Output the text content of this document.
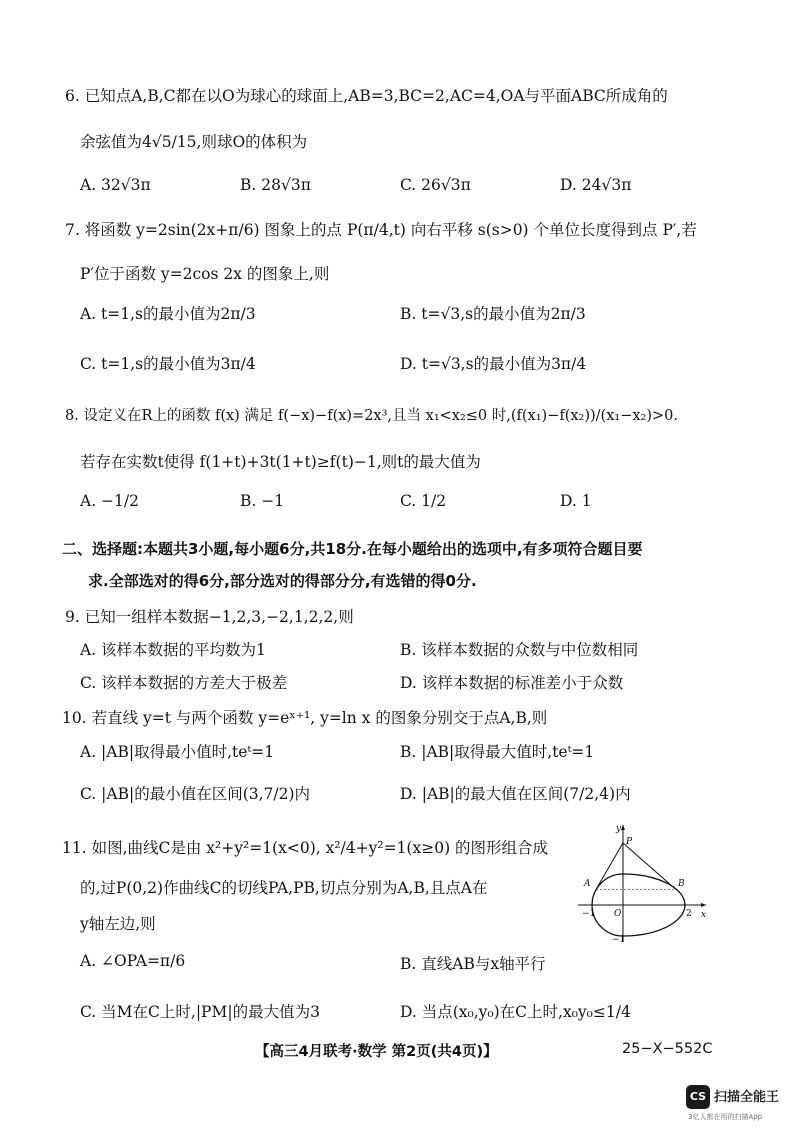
6. 已知点A,B,C都在以O为球心的球面上,AB=3,BC=2,AC=4,OA与平面ABC所成角的
余弦值为4√5/15,则球O的体积为
A. 32√3π	B. 28√3π	C. 26√3π	D. 24√3π
7. 将函数 y=2sin(2x+π/6) 图象上的点 P(π/4,t) 向右平移 s(s>0) 个单位长度得到点 P′,若
P′位于函数 y=2cos 2x 的图象上,则
A. t=1,s的最小值为2π/3	B. t=√3,s的最小值为2π/3
C. t=1,s的最小值为3π/4	D. t=√3,s的最小值为3π/4
8. 设定义在R上的函数 f(x) 满足 f(−x)−f(x)=2x³,且当 x₁<x₂≤0 时,(f(x₁)−f(x₂))/(x₁−x₂)>0.
若存在实数t使得 f(1+t)+3t(1+t)≥f(t)−1,则t的最大值为
A. −1/2	B. −1	C. 1/2	D. 1
二、选择题:本题共3小题,每小题6分,共18分.在每小题给出的选项中,有多项符合题目要
求.全部选对的得6分,部分选对的得部分分,有选错的得0分.
9. 已知一组样本数据−1,2,3,−2,1,2,2,则
A. 该样本数据的平均数为1	B. 该样本数据的众数与中位数相同
C. 该样本数据的方差大于极差	D. 该样本数据的标准差小于众数
10. 若直线 y=t 与两个函数 y=eˣ⁺¹, y=ln x 的图象分别交于点A,B,则
A. |AB|取得最小值时,teᵗ=1	B. |AB|取得最大值时,teᵗ=1
C. |AB|的最小值在区间(3,7/2)内	D. |AB|的最大值在区间(7/2,4)内
11. 如图,曲线C是由 x²+y²=1(x<0), x²/4+y²=1(x≥0) 的图形组合成
的,过P(0,2)作曲线C的切线PA,PB,切点分别为A,B,且点A在
y轴左边,则
A. ∠OPA=π/6	B. 直线AB与x轴平行
C. 当M在C上时,|PM|的最大值为3	D. 当点(x₀,y₀)在C上时,x₀y₀≤1/4
y
P
A	B
O	x
−1	2
−1
【高三4月联考·数学 第2页(共4页)】	25−X−552C
CS 扫描全能王
3亿人都在用的扫描App
